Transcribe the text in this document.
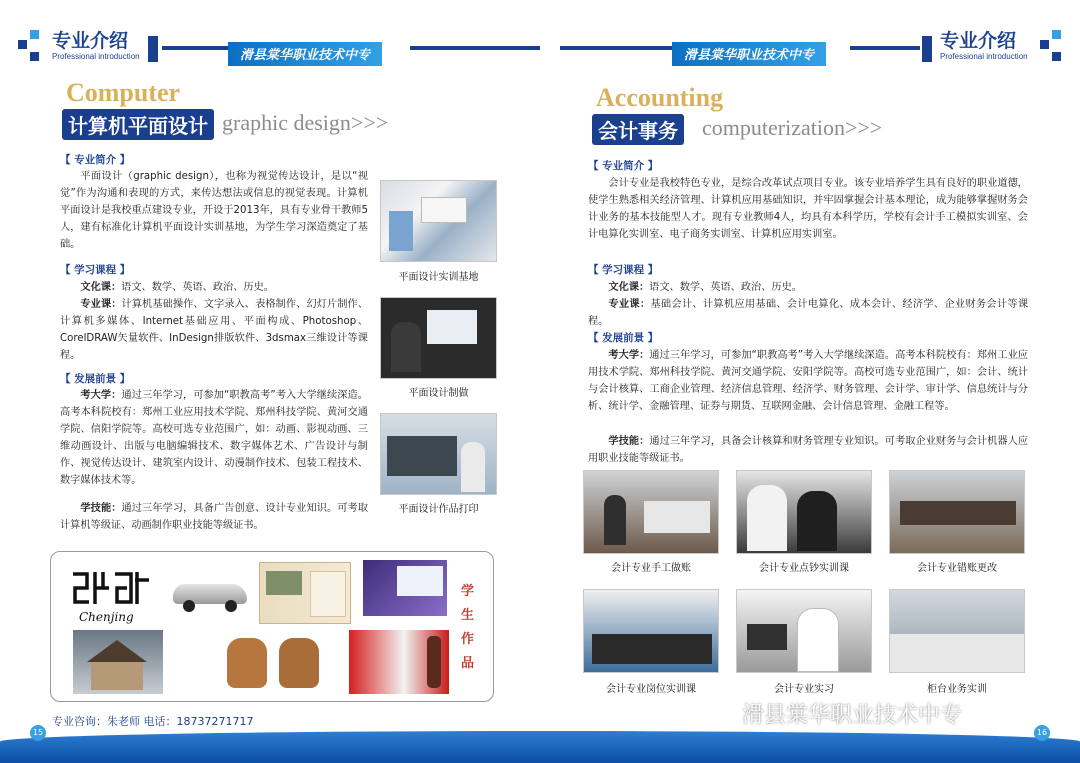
专业介绍
Professional introduction	滑县棠华职业技术中专	滑县棠华职业技术中专
专业介绍
Professional introduction
Computer
计算机平面设计 graphic design>>>
【 专业简介 】
平面设计（graphic design），也称为视觉传达设计，是以“视觉”作为沟通和表现的方式，来传达想法或信息的视觉表现。计算机平面设计是我校重点建设专业，开设于2013年，具有专业骨干教师5人，建有标准化计算机平面设计实训基地，为学生学习深造奠定了基础。
【 学习课程 】
文化课：语文、数学、英语、政治、历史。
专业课：计算机基础操作、文字录入、表格制作、幻灯片制作、计算机多媒体、Internet基础应用、平面构成、Photoshop、CorelDRAW矢量软件、InDesign排版软件、3dsmax三维设计等课程。
【 发展前景 】
考大学：通过三年学习，可参加“职教高考”考入大学继续深造。高考本科院校有：郑州工业应用技术学院、郑州科技学院、黄河交通学院、信阳学院等。高校可选专业范围广，如：动画、影视动画、三维动画设计、出版与电脑编辑技术、数字媒体艺术、广告设计与制作、视觉传达设计、建筑室内设计、动漫制作技术、包装工程技术、数字媒体技术等。
学技能：通过三年学习，具备广告创意、设计专业知识。可考取计算机等级证、动画制作职业技能等级证书。
平面设计实训基地
平面设计制做
平面设计作品打印
Chenjing
学生作品
Accounting
会计事务 computerization>>>
【 专业简介 】
会计专业是我校特色专业，是综合改革试点项目专业。该专业培养学生具有良好的职业道德，使学生熟悉相关经济管理、计算机应用基础知识，并牢固掌握会计基本理论，成为能够掌握财务会计业务的基本技能型人才。现有专业教师4人，均具有本科学历，学校有会计手工模拟实训室、会计电算化实训室、电子商务实训室、计算机应用实训室。
【 学习课程 】
文化课：语文、数学、英语、政治、历史。
专业课：基础会计、计算机应用基础、会计电算化、成本会计、经济学、企业财务会计等课程。
【 发展前景 】
考大学：通过三年学习，可参加“职教高考”考入大学继续深造。高考本科院校有：郑州工业应用技术学院、郑州科技学院、黄河交通学院、安阳学院等。高校可选专业范围广，如：会计、统计与会计核算、工商企业管理、经济信息管理、经济学、财务管理、会计学、审计学、信息统计与分析、统计学、金融管理、证券与期货、互联网金融、会计信息管理、金融工程等。
学技能：通过三年学习，具备会计核算和财务管理专业知识。可考取企业财务与会计机器人应用职业技能等级证书。
会计专业手工做账	会计专业点钞实训课	会计专业错账更改
会计专业岗位实训课	会计专业实习	柜台业务实训
专业咨询：朱老师 电话：18737271717
15	16
滑县棠华职业技术中专
